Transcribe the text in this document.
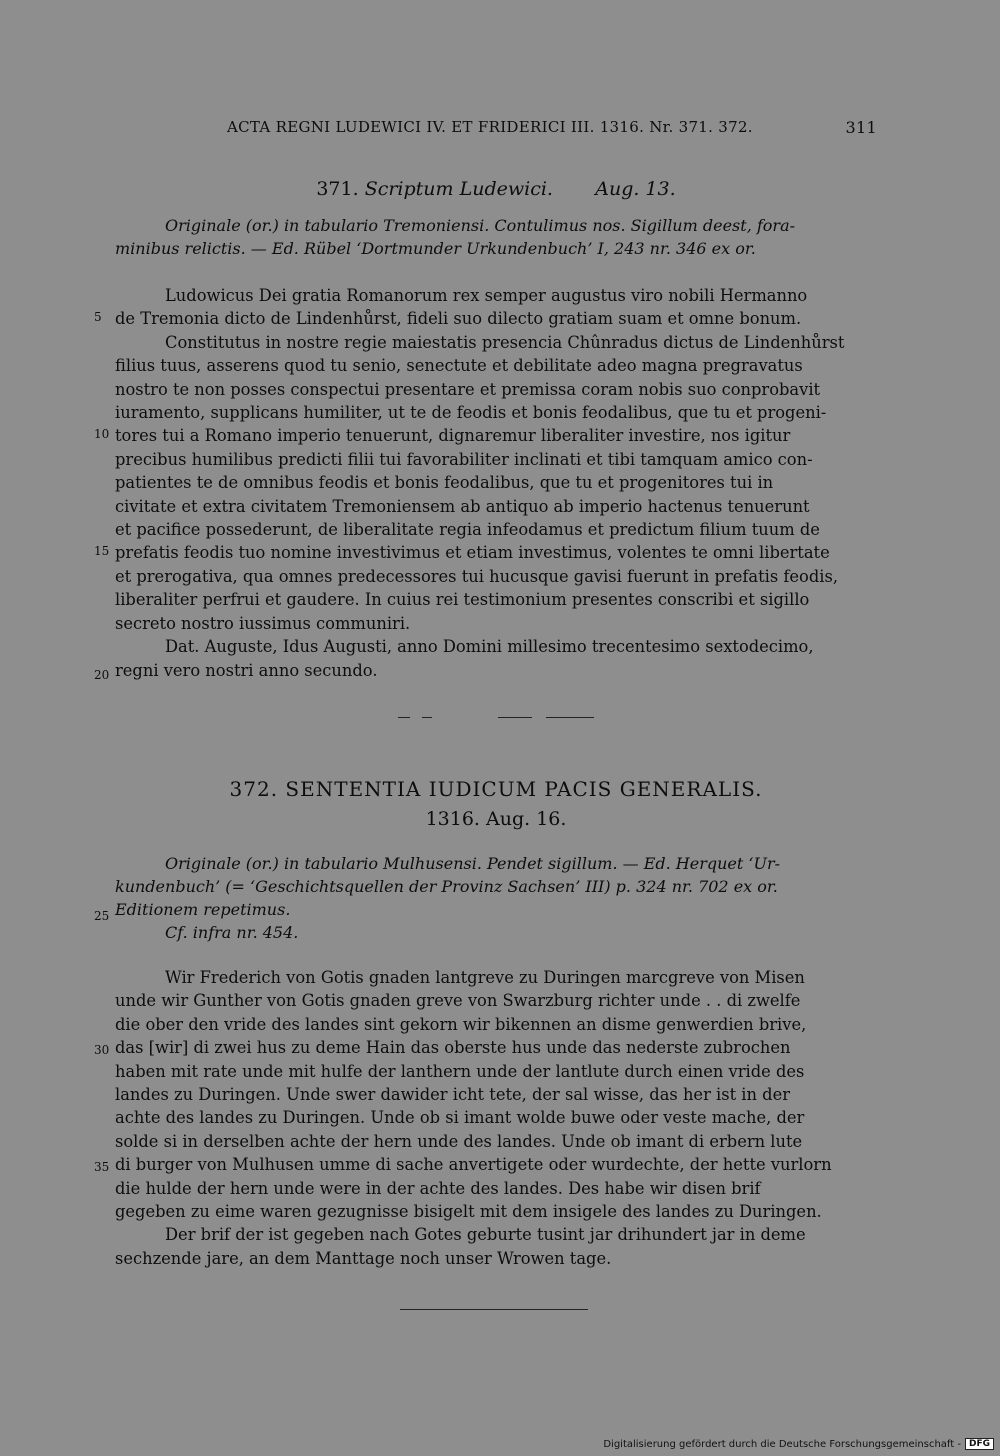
ACTA REGNI LUDEWICI IV. ET FRIDERICI III. 1316. Nr. 371. 372.	311
371. Scriptum Ludewici. Aug. 13.
Originale (or.) in tabulario Tremoniensi. Contulimus nos. Sigillum deest, fora-
minibus relictis. — Ed. Rübel ‘Dortmunder Urkundenbuch’ I, 243 nr. 346 ex or.

Ludowicus Dei gratia Romanorum rex semper augustus viro nobili Hermanno

de Tremonia dicto de Lindenhůrst, fideli suo dilecto gratiam suam et omne bonum.

Constitutus in nostre regie maiestatis presencia Chûnradus dictus de Lindenhůrst

filius tuus, asserens quod tu senio, senectute et debilitate adeo magna pregravatus

nostro te non posses conspectui presentare et premissa coram nobis suo conprobavit

iuramento, supplicans humiliter, ut te de feodis et bonis feodalibus, que tu et progeni-

tores tui a Romano imperio tenuerunt, dignaremur liberaliter investire, nos igitur

precibus humilibus predicti filii tui favorabiliter inclinati et tibi tamquam amico con-

patientes te de omnibus feodis et bonis feodalibus, que tu et progenitores tui in

civitate et extra civitatem Tremoniensem ab antiquo ab imperio hactenus tenuerunt

et pacifice possederunt, de liberalitate regia infeodamus et predictum filium tuum de

prefatis feodis tuo nomine investivimus et etiam investimus, volentes te omni libertate

et prerogativa, qua omnes predecessores tui hucusque gavisi fuerunt in prefatis feodis,

liberaliter perfrui et gaudere. In cuius rei testimonium presentes conscribi et sigillo

secreto nostro iussimus communiri.

Dat. Auguste, Idus Augusti, anno Domini millesimo trecentesimo sextodecimo,

regni vero nostri anno secundo.

5
10
15
20
372. SENTENTIA IUDICUM PACIS GENERALIS.
1316. Aug. 16.
Originale (or.) in tabulario Mulhusensi. Pendet sigillum. — Ed. Herquet ‘Ur-
kundenbuch’ (= ‘Geschichtsquellen der Provinz Sachsen’ III) p. 324 nr. 702 ex or.
Editionem repetimus.
Cf. infra nr. 454.

Wir Frederich von Gotis gnaden lantgreve zu Duringen marcgreve von Misen

unde wir Gunther von Gotis gnaden greve von Swarzburg richter unde . . di zwelfe

die ober den vride des landes sint gekorn wir bikennen an disme genwerdien brive,

das [wir] di zwei hus zu deme Hain das oberste hus unde das nederste zubrochen

haben mit rate unde mit hulfe der lanthern unde der lantlute durch einen vride des

landes zu Duringen. Unde swer dawider icht tete, der sal wisse, das her ist in der

achte des landes zu Duringen. Unde ob si imant wolde buwe oder veste mache, der

solde si in derselben achte der hern unde des landes. Unde ob imant di erbern lute

di burger von Mulhusen umme di sache anvertigete oder wurdechte, der hette vurlorn

die hulde der hern unde were in der achte des landes. Des habe wir disen brif

gegeben zu eime waren gezugnisse bisigelt mit dem insigele des landes zu Duringen.

Der brif der ist gegeben nach Gotes geburte tusint jar drihundert jar in deme

sechzende jare, an dem Manttage noch unser Wrowen tage.

25
30
35
Digitalisierung gefördert durch die Deutsche Forschungsgemeinschaft - DFG
